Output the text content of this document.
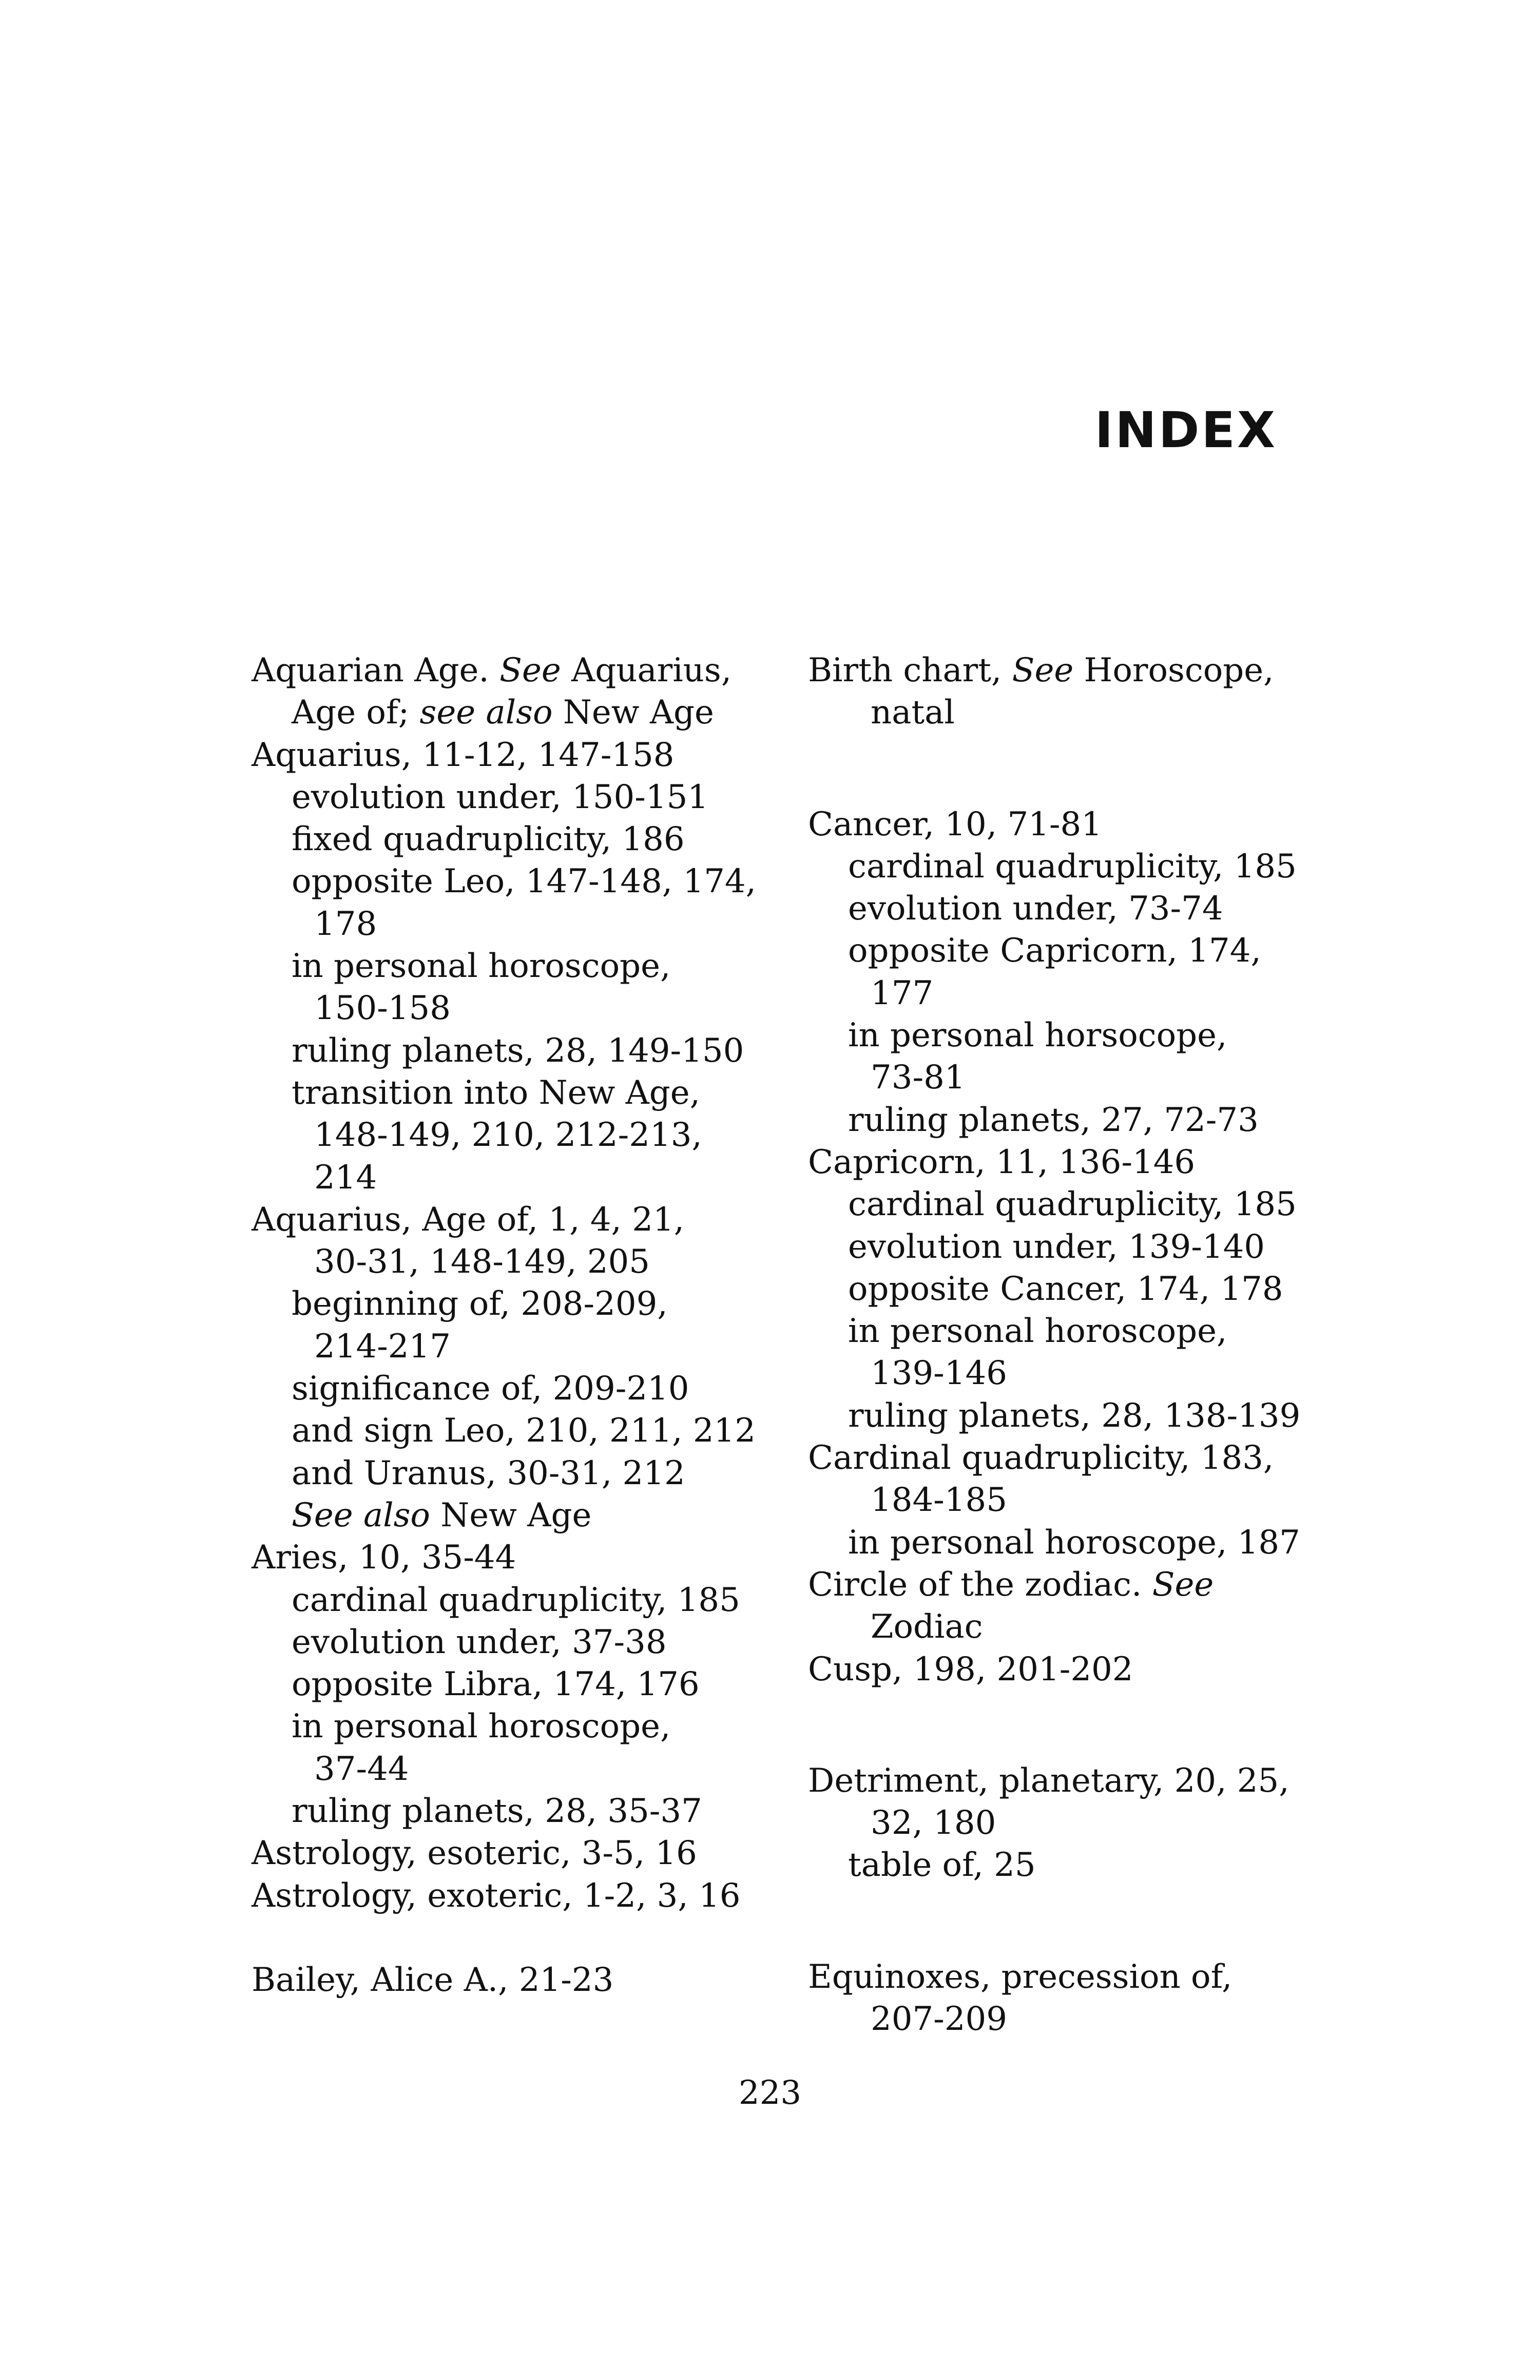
INDEX
Aquarian Age. See Aquarius,
Age of; see also New Age
Aquarius, 11-12, 147-158
evolution under, 150-151
fixed quadruplicity, 186
opposite Leo, 147-148, 174,
178
in personal horoscope,
150-158
ruling planets, 28, 149-150
transition into New Age,
148-149, 210, 212-213,
214
Aquarius, Age of, 1, 4, 21,
30-31, 148-149, 205
beginning of, 208-209,
214-217
significance of, 209-210
and sign Leo, 210, 211, 212
and Uranus, 30-31, 212
See also New Age
Aries, 10, 35-44
cardinal quadruplicity, 185
evolution under, 37-38
opposite Libra, 174, 176
in personal horoscope,
37-44
ruling planets, 28, 35-37
Astrology, esoteric, 3-5, 16
Astrology, exoteric, 1-2, 3, 16
Bailey, Alice A., 21-23
Birth chart, See Horoscope,
natal
Cancer, 10, 71-81
cardinal quadruplicity, 185
evolution under, 73-74
opposite Capricorn, 174,
177
in personal horsocope,
73-81
ruling planets, 27, 72-73
Capricorn, 11, 136-146
cardinal quadruplicity, 185
evolution under, 139-140
opposite Cancer, 174, 178
in personal horoscope,
139-146
ruling planets, 28, 138-139
Cardinal quadruplicity, 183,
184-185
in personal horoscope, 187
Circle of the zodiac. See
Zodiac
Cusp, 198, 201-202
Detriment, planetary, 20, 25,
32, 180
table of, 25
Equinoxes, precession of,
207-209
223
